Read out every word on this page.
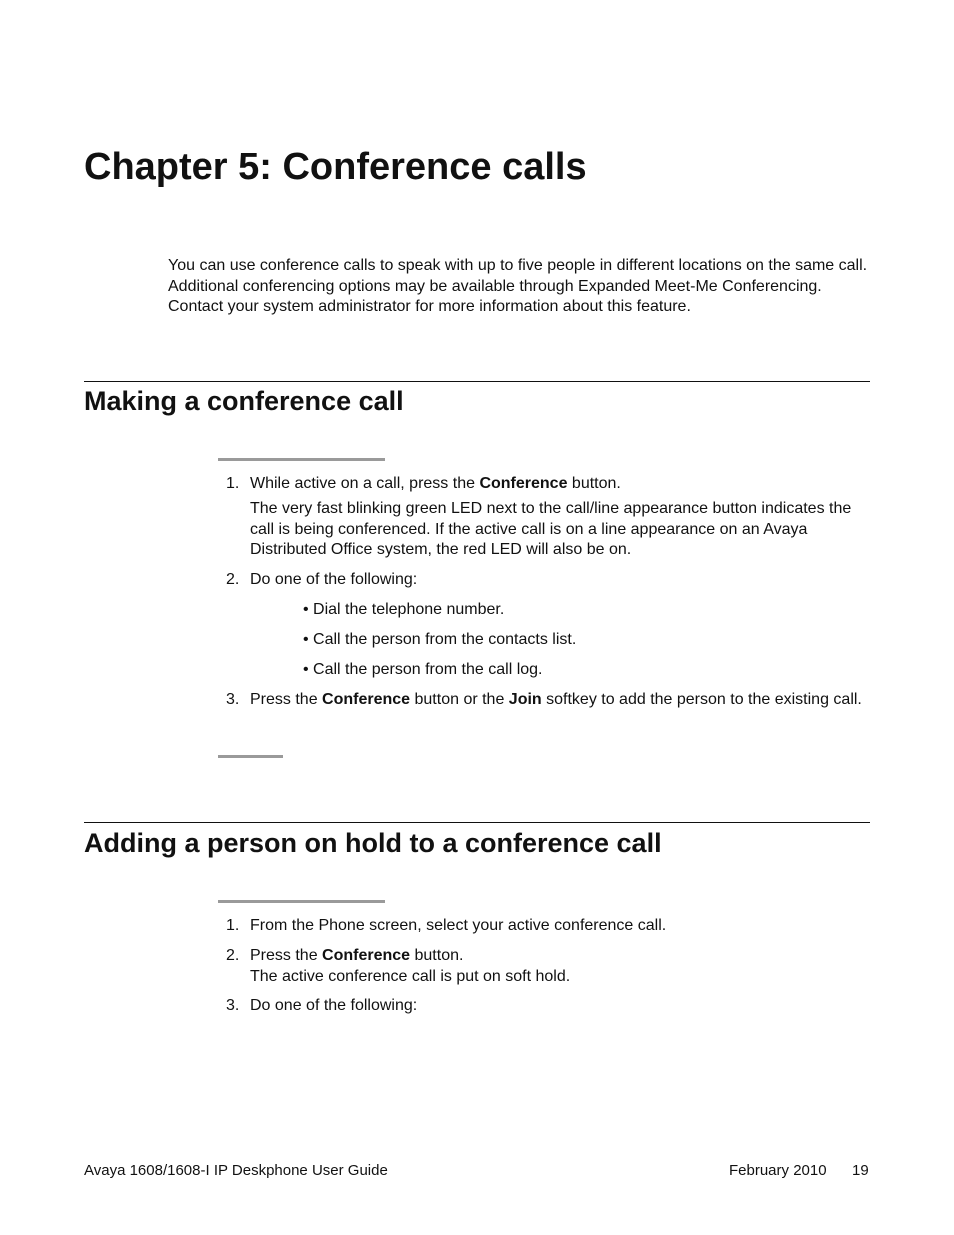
Chapter 5: Conference calls

You can use conference calls to speak with up to five people in different locations on the same call. Additional conferencing options may be available through Expanded Meet-Me Conferencing. Contact your system administrator for more information about this feature.

Making a conference call
1. While active on a call, press the Conference button.

The very fast blinking green LED next to the call/line appearance button indicates the call is being conferenced. If the active call is on a line appearance on an Avaya Distributed Office system, the red LED will also be on.

2. Do one of the following:
• Dial the telephone number.
• Call the person from the contacts list.
• Call the person from the call log.
3. Press the Conference button or the Join softkey to add the person to the existing call.
Adding a person on hold to a conference call
1. From the Phone screen, select your active conference call.
2. Press the Conference button.
The active conference call is put on soft hold.
3. Do one of the following:
Avaya 1608/1608-I IP Deskphone User Guide	February 2010 19
